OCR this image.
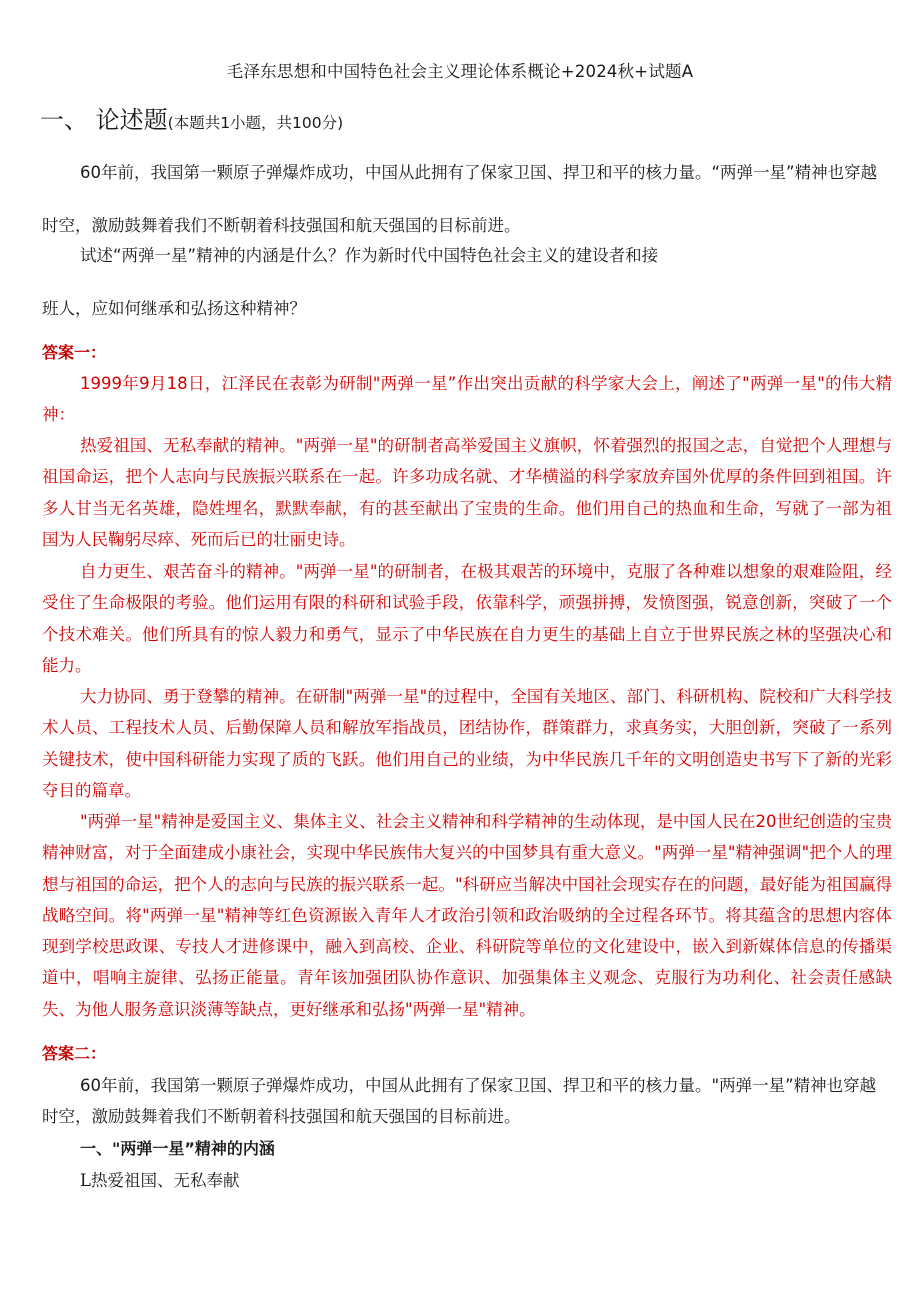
毛泽东思想和中国特色社会主义理论体系概论+2024秋+试题A
一、 论述题(本题共1小题，共100分)

60年前，我国第一颗原子弹爆炸成功，中国从此拥有了保家卫国、捍卫和平的核力量。“两弹一星”精神也穿越时空，激励鼓舞着我们不断朝着科技强国和航天强国的目标前进。

试述“两弹一星”精神的内涵是什么？作为新时代中国特色社会主义的建设者和接

班人，应如何继承和弘扬这种精神？

答案一：

1999年9月18日，江泽民在表彰为研制"两弹一星”作出突出贡献的科学家大会上，阐述了"两弹一星"的伟大精神：

热爱祖国、无私奉献的精神。"两弹一星"的研制者高举爱国主义旗帜，怀着强烈的报国之志，自觉把个人理想与祖国命运，把个人志向与民族振兴联系在一起。许多功成名就、才华横溢的科学家放弃国外优厚的条件回到祖国。许多人甘当无名英雄，隐姓埋名，默默奉献，有的甚至献出了宝贵的生命。他们用自己的热血和生命，写就了一部为祖国为人民鞠躬尽瘁、死而后已的壮丽史诗。

自力更生、艰苦奋斗的精神。"两弹一星"的研制者，在极其艰苦的环境中，克服了各种难以想象的艰难险阻，经受住了生命极限的考验。他们运用有限的科研和试验手段，依靠科学，顽强拼搏，发愤图强，锐意创新，突破了一个个技术难关。他们所具有的惊人毅力和勇气，显示了中华民族在自力更生的基础上自立于世界民族之林的坚强决心和能力。

大力协同、勇于登攀的精神。在研制"两弹一星"的过程中，全国有关地区、部门、科研机构、院校和广大科学技术人员、工程技术人员、后勤保障人员和解放军指战员，团结协作，群策群力，求真务实，大胆创新，突破了一系列关键技术，使中国科研能力实现了质的飞跃。他们用自己的业绩，为中华民族几千年的文明创造史书写下了新的光彩夺目的篇章。

"两弹一星"精神是爱国主义、集体主义、社会主义精神和科学精神的生动体现，是中国人民在20世纪创造的宝贵精神财富，对于全面建成小康社会，实现中华民族伟大复兴的中国梦具有重大意义。"两弹一星"精神强调"把个人的理想与祖国的命运，把个人的志向与民族的振兴联系一起。"科研应当解决中国社会现实存在的问题，最好能为祖国赢得战略空间。将"两弹一星"精神等红色资源嵌入青年人才政治引领和政治吸纳的全过程各环节。将其蕴含的思想内容体现到学校思政课、专技人才进修课中，融入到高校、企业、科研院等单位的文化建设中，嵌入到新媒体信息的传播渠道中，唱响主旋律、弘扬正能量。青年该加强团队协作意识、加强集体主义观念、克服行为功利化、社会责任感缺失、为他人服务意识淡薄等缺点，更好继承和弘扬"两弹一星"精神。

答案二：

60年前，我国第一颗原子弹爆炸成功，中国从此拥有了保家卫国、捍卫和平的核力量。"两弹一星”精神也穿越时空，激励鼓舞着我们不断朝着科技强国和航天强国的目标前进。

一、"两弹一星”精神的内涵

L热爱祖国、无私奉献
